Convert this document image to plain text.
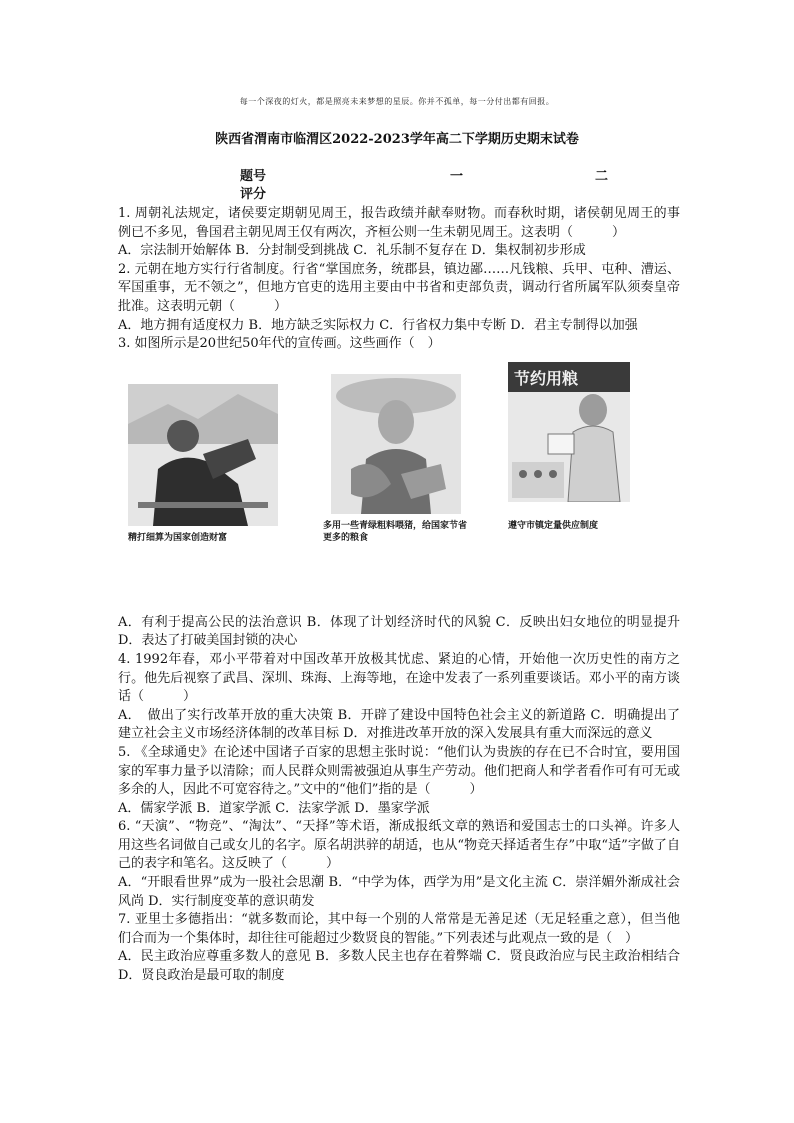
每一个深夜的灯火，都是照亮未来梦想的星辰。你并不孤单，每一分付出都有回报。
陕西省渭南市临渭区2022-2023学年高二下学期历史期末试卷
题号	一	二
评分

1. 周朝礼法规定，诸侯要定期朝见周王，报告政绩并献奉财物。而春秋时期，诸侯朝见周王的事例已不多见，鲁国君主朝见周王仅有两次，齐桓公则一生未朝见周王。这表明（　　　）

A．宗法制开始解体 B．分封制受到挑战 C．礼乐制不复存在 D．集权制初步形成

2. 元朝在地方实行行省制度。行省“掌国庶务，统郡县，镇边鄙……凡钱粮、兵甲、屯种、漕运、军国重事，无不领之”，但地方官吏的选用主要由中书省和吏部负责，调动行省所属军队须奏皇帝批准。这表明元朝（　　　）

A．地方拥有适度权力 B．地方缺乏实际权力 C．行省权力集中专断 D．君主专制得以加强

3. 如图所示是20世纪50年代的宣传画。这些画作（　）

精打细算为国家创造财富
多用一些青绿粗料喂猪，给国家节省更多的粮食
节约用粮
遵守市镇定量供应制度

A．有利于提高公民的法治意识 B．体现了计划经济时代的风貌 C．反映出妇女地位的明显提升 D．表达了打破美国封锁的决心

4. 1992年春，邓小平带着对中国改革开放极其忧虑、紧迫的心情，开始他一次历史性的南方之行。他先后视察了武昌、深圳、珠海、上海等地，在途中发表了一系列重要谈话。邓小平的南方谈话（　　　）

A．　做出了实行改革开放的重大决策 B．开辟了建设中国特色社会主义的新道路 C．明确提出了建立社会主义市场经济体制的改革目标 D．对推进改革开放的深入发展具有重大而深远的意义

5. 《全球通史》在论述中国诸子百家的思想主张时说：“他们认为贵族的存在已不合时宜，要用国家的军事力量予以清除；而人民群众则需被强迫从事生产劳动。他们把商人和学者看作可有可无或多余的人，因此不可宽容待之。”文中的“他们”指的是（　　　）

A．儒家学派 B．道家学派 C．法家学派 D．墨家学派

6. “天演”、“物竞”、“淘汰”、“天择”等术语，渐成报纸文章的熟语和爱国志士的口头禅。许多人用这些名词做自己或女儿的名字。原名胡洪骍的胡适，也从“物竞天择适者生存”中取“适”字做了自己的表字和笔名。这反映了（　　　）

A．“开眼看世界”成为一股社会思潮 B．“中学为体，西学为用”是文化主流 C．崇洋媚外渐成社会风尚 D．实行制度变革的意识萌发

7. 亚里士多德指出：“就多数而论，其中每一个别的人常常是无善足述（无足轻重之意），但当他们合而为一个集体时，却往往可能超过少数贤良的智能。”下列表述与此观点一致的是（　）

A．民主政治应尊重多数人的意见 B．多数人民主也存在着弊端 C．贤良政治应与民主政治相结合 D．贤良政治是最可取的制度
